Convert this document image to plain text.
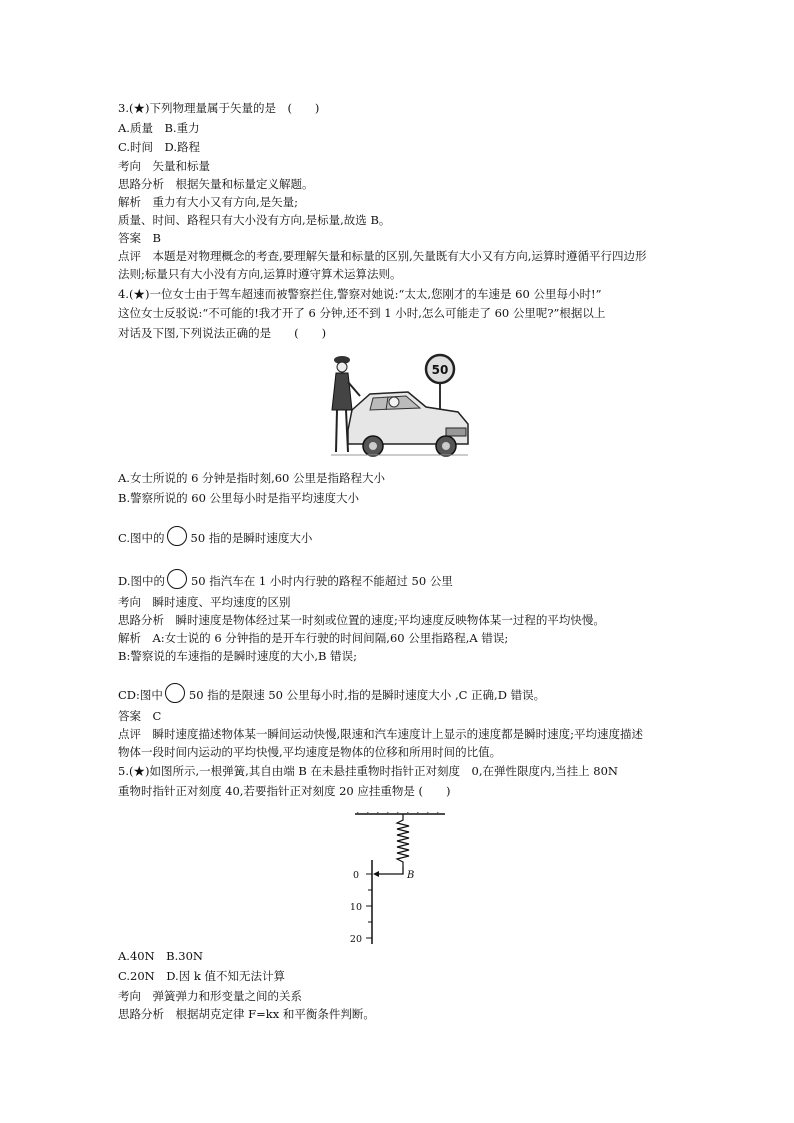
3.(★)下列物理量属于矢量的是　(　　)
A.质量　B.重力
C.时间　D.路程
考向　矢量和标量
思路分析　根据矢量和标量定义解题。
解析　重力有大小又有方向,是矢量;
质量、时间、路程只有大小没有方向,是标量,故选 B。
答案　B
点评　本题是对物理概念的考查,要理解矢量和标量的区别,矢量既有大小又有方向,运算时遵循平行四边形
法则;标量只有大小没有方向,运算时遵守算术运算法则。
4.(★)一位女士由于驾车超速而被警察拦住,警察对她说:“太太,您刚才的车速是 60 公里每小时!”
这位女士反驳说:“不可能的!我才开了 6 分钟,还不到 1 小时,怎么可能走了 60 公里呢?”根据以上
对话及下图,下列说法正确的是　　(　　)
50
A.女士所说的 6 分钟是指时刻,60 公里是指路程大小
B.警察所说的 60 公里每小时是指平均速度大小
C.图中的 50 指的是瞬时速度大小
D.图中的 50 指汽车在 1 小时内行驶的路程不能超过 50 公里
考向　瞬时速度、平均速度的区别
思路分析　瞬时速度是物体经过某一时刻或位置的速度;平均速度反映物体某一过程的平均快慢。
解析　A:女士说的 6 分钟指的是开车行驶的时间间隔,60 公里指路程,A 错误;
B:警察说的车速指的是瞬时速度的大小,B 错误;
CD:图中 50 指的是限速 50 公里每小时,指的是瞬时速度大小 ,C 正确,D 错误。
答案　C
点评　瞬时速度描述物体某一瞬间运动快慢,限速和汽车速度计上显示的速度都是瞬时速度;平均速度描述
物体一段时间内运动的平均快慢,平均速度是物体的位移和所用时间的比值。
5.(★)如图所示,一根弹簧,其自由端 B 在未悬挂重物时指针正对刻度　0,在弹性限度内,当挂上 80N
重物时指针正对刻度 40,若要指针正对刻度 20 应挂重物是 (　　)
0
10
20
B
A.40N　B.30N
C.20N　D.因 k 值不知无法计算
考向　弹簧弹力和形变量之间的关系
思路分析　根据胡克定律 F=kx 和平衡条件判断。
